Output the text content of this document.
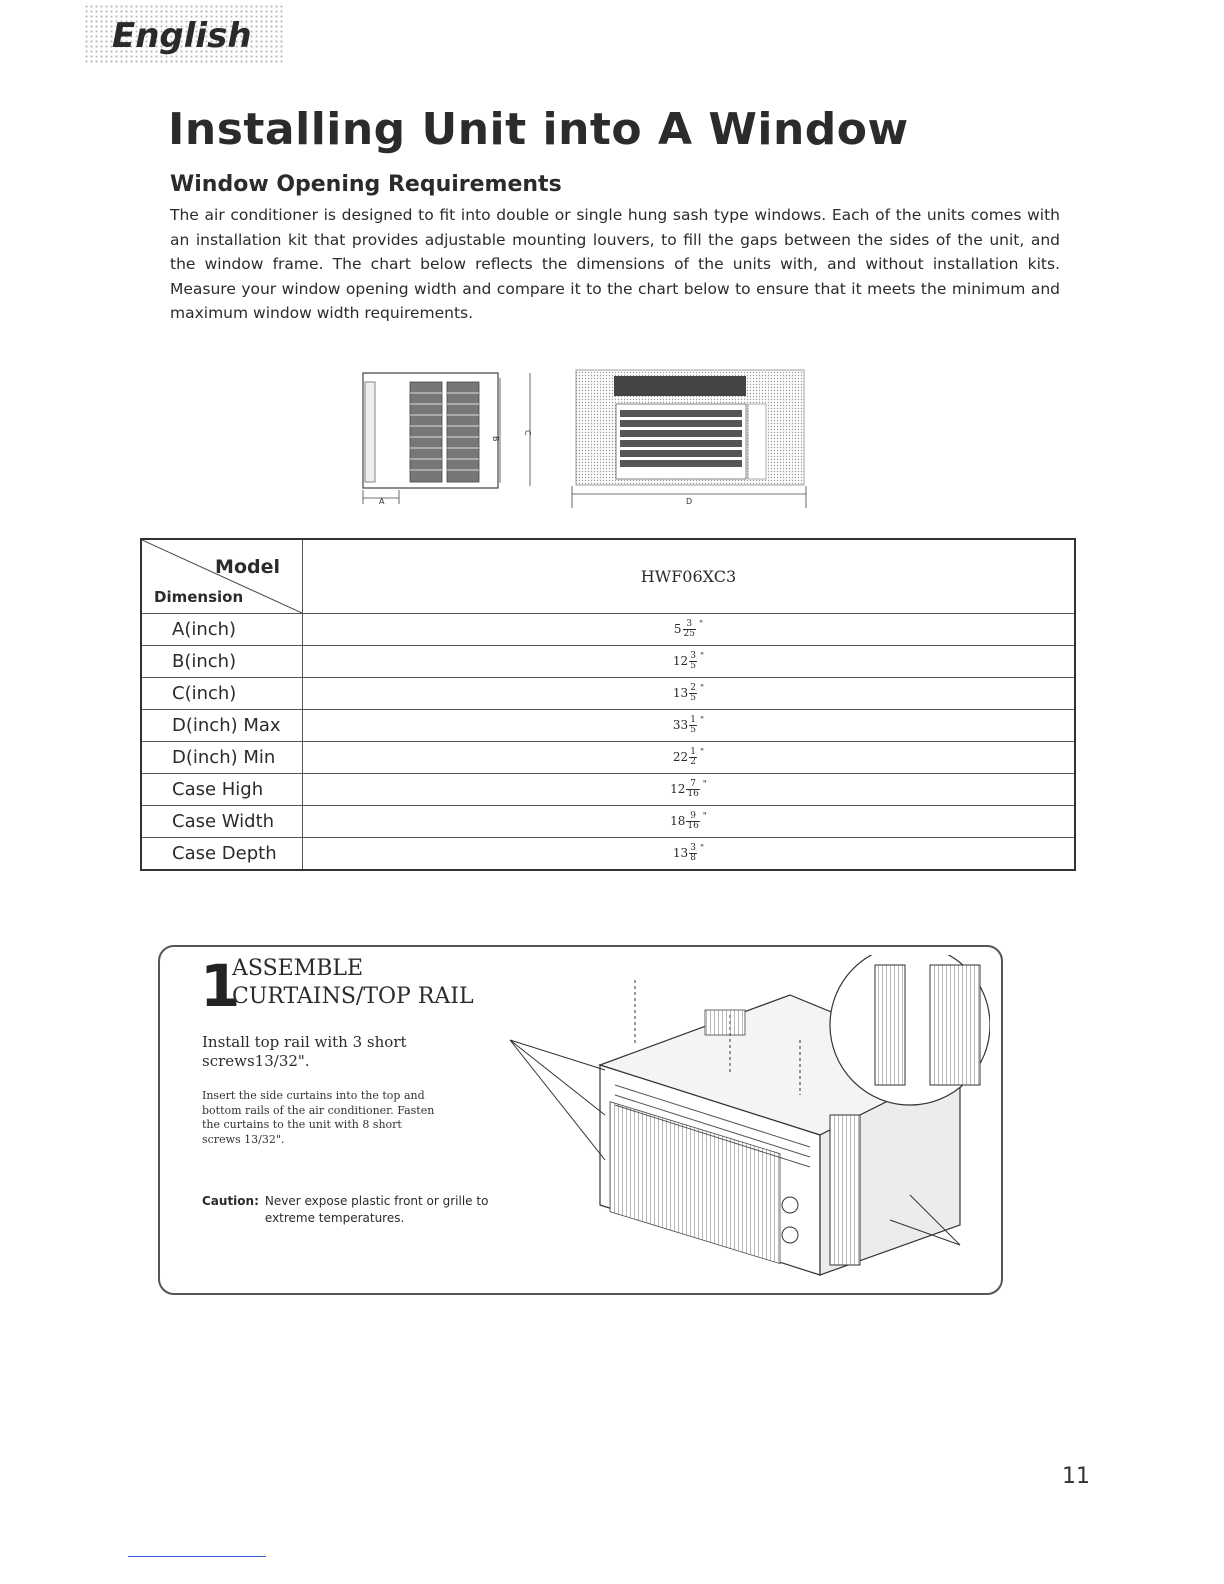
English
Installing Unit into A Window
Window Opening Requirements

The air conditioner is designed to fit into double or single hung sash type windows. Each of the units comes with an installation kit that provides adjustable mounting louvers, to fill the gaps between the sides of the unit, and the window frame. The chart below reflects the dimensions of the units with, and without installation kits. Measure your window opening width and compare it to the chart below to ensure that it meets the minimum and maximum window width requirements.

A
B
C
D
Model
Dimension	HWF06XC3
A(inch)	$5 \frac{3}{25} ^"$
B(inch)	$12 \frac{3}{5} ^"$
C(inch)	$13 \frac{2}{5} ^"$
D(inch) Max	$33 \frac{1}{5} ^"$
D(inch) Min	$22 \frac{1}{2} ^"$
Case High	$12 \frac{7}{16} ^"$
Case Width	$18 \frac{9}{16} ^"$
Case Depth	$13 \frac{3}{8} ^"$
1
ASSEMBLE
CURTAINS/TOP RAIL

Install top rail with 3 short screws13/32".

Insert the side curtains into the top and bottom rails of the air conditioner. Fasten the curtains to the unit with 8 short screws 13/32".

Caution: Never expose plastic front or grille to extreme temperatures.

11
